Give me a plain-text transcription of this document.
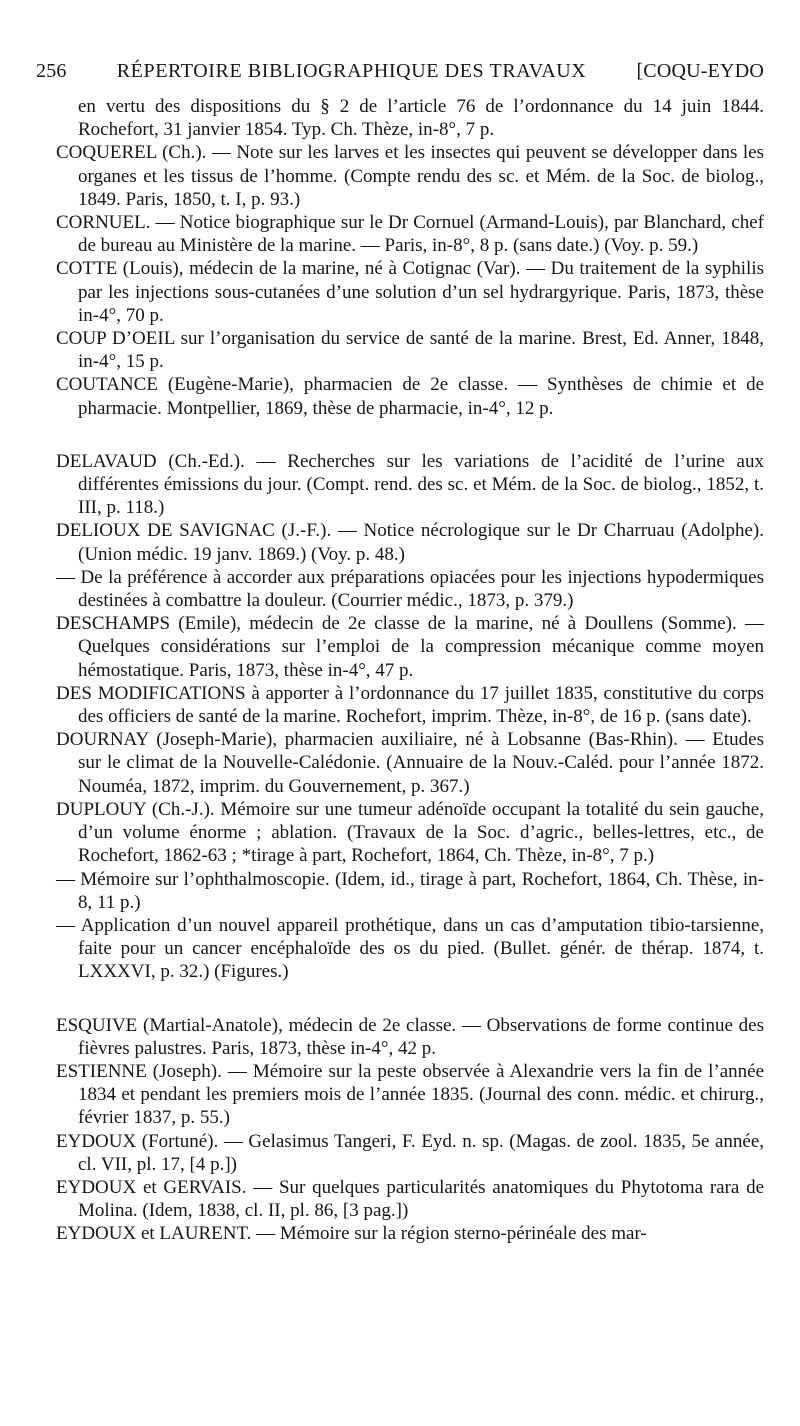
256	RÉPERTOIRE BIBLIOGRAPHIQUE DES TRAVAUX	[COQU-EYDO

en vertu des dispositions du § 2 de l’article 76 de l’ordonnance du 14 juin 1844. Rochefort, 31 janvier 1854. Typ. Ch. Thèze, in-8°, 7 p.

COQUEREL (Ch.). — Note sur les larves et les insectes qui peuvent se développer dans les organes et les tissus de l’homme. (Compte rendu des sc. et Mém. de la Soc. de biolog., 1849. Paris, 1850, t. I, p. 93.)

CORNUEL. — Notice biographique sur le Dr Cornuel (Armand-Louis), par Blanchard, chef de bureau au Ministère de la marine. — Paris, in-8°, 8 p. (sans date.) (Voy. p. 59.)

COTTE (Louis), médecin de la marine, né à Cotignac (Var). — Du traitement de la syphilis par les injections sous-cutanées d’une solution d’un sel hydrargyrique. Paris, 1873, thèse in-4°, 70 p.

COUP D’OEIL sur l’organisation du service de santé de la marine. Brest, Ed. Anner, 1848, in-4°, 15 p.

COUTANCE (Eugène-Marie), pharmacien de 2e classe. — Synthèses de chimie et de pharmacie. Montpellier, 1869, thèse de pharmacie, in-4°, 12 p.

DELAVAUD (Ch.-Ed.). — Recherches sur les variations de l’acidité de l’urine aux différentes émissions du jour. (Compt. rend. des sc. et Mém. de la Soc. de biolog., 1852, t. III, p. 118.)

DELIOUX DE SAVIGNAC (J.-F.). — Notice nécrologique sur le Dr Charruau (Adolphe). (Union médic. 19 janv. 1869.) (Voy. p. 48.)

— De la préférence à accorder aux préparations opiacées pour les injections hypodermiques destinées à combattre la douleur. (Courrier médic., 1873, p. 379.)

DESCHAMPS (Emile), médecin de 2e classe de la marine, né à Doullens (Somme). — Quelques considérations sur l’emploi de la compression mécanique comme moyen hémostatique. Paris, 1873, thèse in-4°, 47 p.

DES MODIFICATIONS à apporter à l’ordonnance du 17 juillet 1835, constitutive du corps des officiers de santé de la marine. Rochefort, imprim. Thèze, in-8°, de 16 p. (sans date).

DOURNAY (Joseph-Marie), pharmacien auxiliaire, né à Lobsanne (Bas-Rhin). — Etudes sur le climat de la Nouvelle-Calédonie. (Annuaire de la Nouv.-Caléd. pour l’année 1872. Nouméa, 1872, imprim. du Gouvernement, p. 367.)

DUPLOUY (Ch.-J.). Mémoire sur une tumeur adénoïde occupant la totalité du sein gauche, d’un volume énorme ; ablation. (Travaux de la Soc. d’agric., belles-lettres, etc., de Rochefort, 1862-63 ; *tirage à part, Rochefort, 1864, Ch. Thèze, in-8°, 7 p.)

— Mémoire sur l’ophthalmoscopie. (Idem, id., tirage à part, Rochefort, 1864, Ch. Thèse, in-8, 11 p.)

— Application d’un nouvel appareil prothétique, dans un cas d’amputation tibio-tarsienne, faite pour un cancer encéphaloïde des os du pied. (Bullet. génér. de thérap. 1874, t. LXXXVI, p. 32.) (Figures.)

ESQUIVE (Martial-Anatole), médecin de 2e classe. — Observations de forme continue des fièvres palustres. Paris, 1873, thèse in-4°, 42 p.

ESTIENNE (Joseph). — Mémoire sur la peste observée à Alexandrie vers la fin de l’année 1834 et pendant les premiers mois de l’année 1835. (Journal des conn. médic. et chirurg., février 1837, p. 55.)

EYDOUX (Fortuné). — Gelasimus Tangeri, F. Eyd. n. sp. (Magas. de zool. 1835, 5e année, cl. VII, pl. 17, [4 p.])

EYDOUX et GERVAIS. — Sur quelques particularités anatomiques du Phytotoma rara de Molina. (Idem, 1838, cl. II, pl. 86, [3 pag.])

EYDOUX et LAURENT. — Mémoire sur la région sterno-périnéale des mar-
